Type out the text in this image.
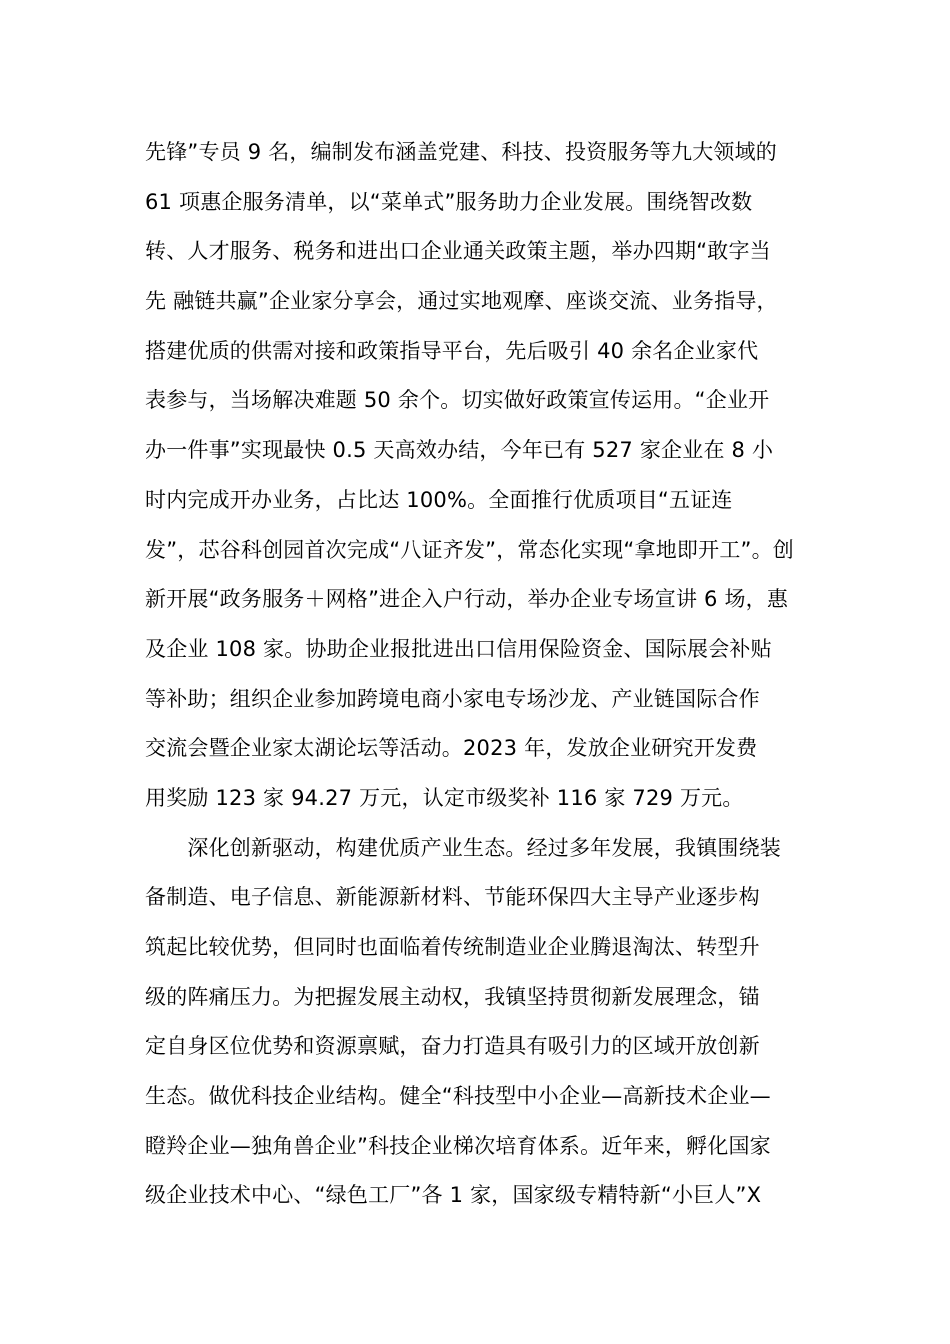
先锋”专员 9 名，编制发布涵盖党建、科技、投资服务等九大领域的
61 项惠企服务清单，以“菜单式”服务助力企业发展。围绕智改数
转、人才服务、税务和进出口企业通关政策主题，举办四期“敢字当
先 融链共赢”企业家分享会，通过实地观摩、座谈交流、业务指导，
搭建优质的供需对接和政策指导平台，先后吸引 40 余名企业家代
表参与，当场解决难题 50 余个。切实做好政策宣传运用。“企业开
办一件事”实现最快 0.5 天高效办结，今年已有 527 家企业在 8 小
时内完成开办业务，占比达 100%。全面推行优质项目“五证连
发”，芯谷科创园首次完成“八证齐发”，常态化实现“拿地即开工”。创
新开展“政务服务＋网格”进企入户行动，举办企业专场宣讲 6 场，惠
及企业 108 家。协助企业报批进出口信用保险资金、国际展会补贴
等补助；组织企业参加跨境电商小家电专场沙龙、产业链国际合作
交流会暨企业家太湖论坛等活动。2023 年，发放企业研究开发费
用奖励 123 家 94.27 万元，认定市级奖补 116 家 729 万元。
　　深化创新驱动，构建优质产业生态。经过多年发展，我镇围绕装
备制造、电子信息、新能源新材料、节能环保四大主导产业逐步构
筑起比较优势，但同时也面临着传统制造业企业腾退淘汰、转型升
级的阵痛压力。为把握发展主动权，我镇坚持贯彻新发展理念，锚
定自身区位优势和资源禀赋，奋力打造具有吸引力的区域开放创新
生态。做优科技企业结构。健全“科技型中小企业—高新技术企业—
瞪羚企业—独角兽企业”科技企业梯次培育体系。近年来，孵化国家
级企业技术中心、“绿色工厂”各 1 家，国家级专精特新“小巨人”X
